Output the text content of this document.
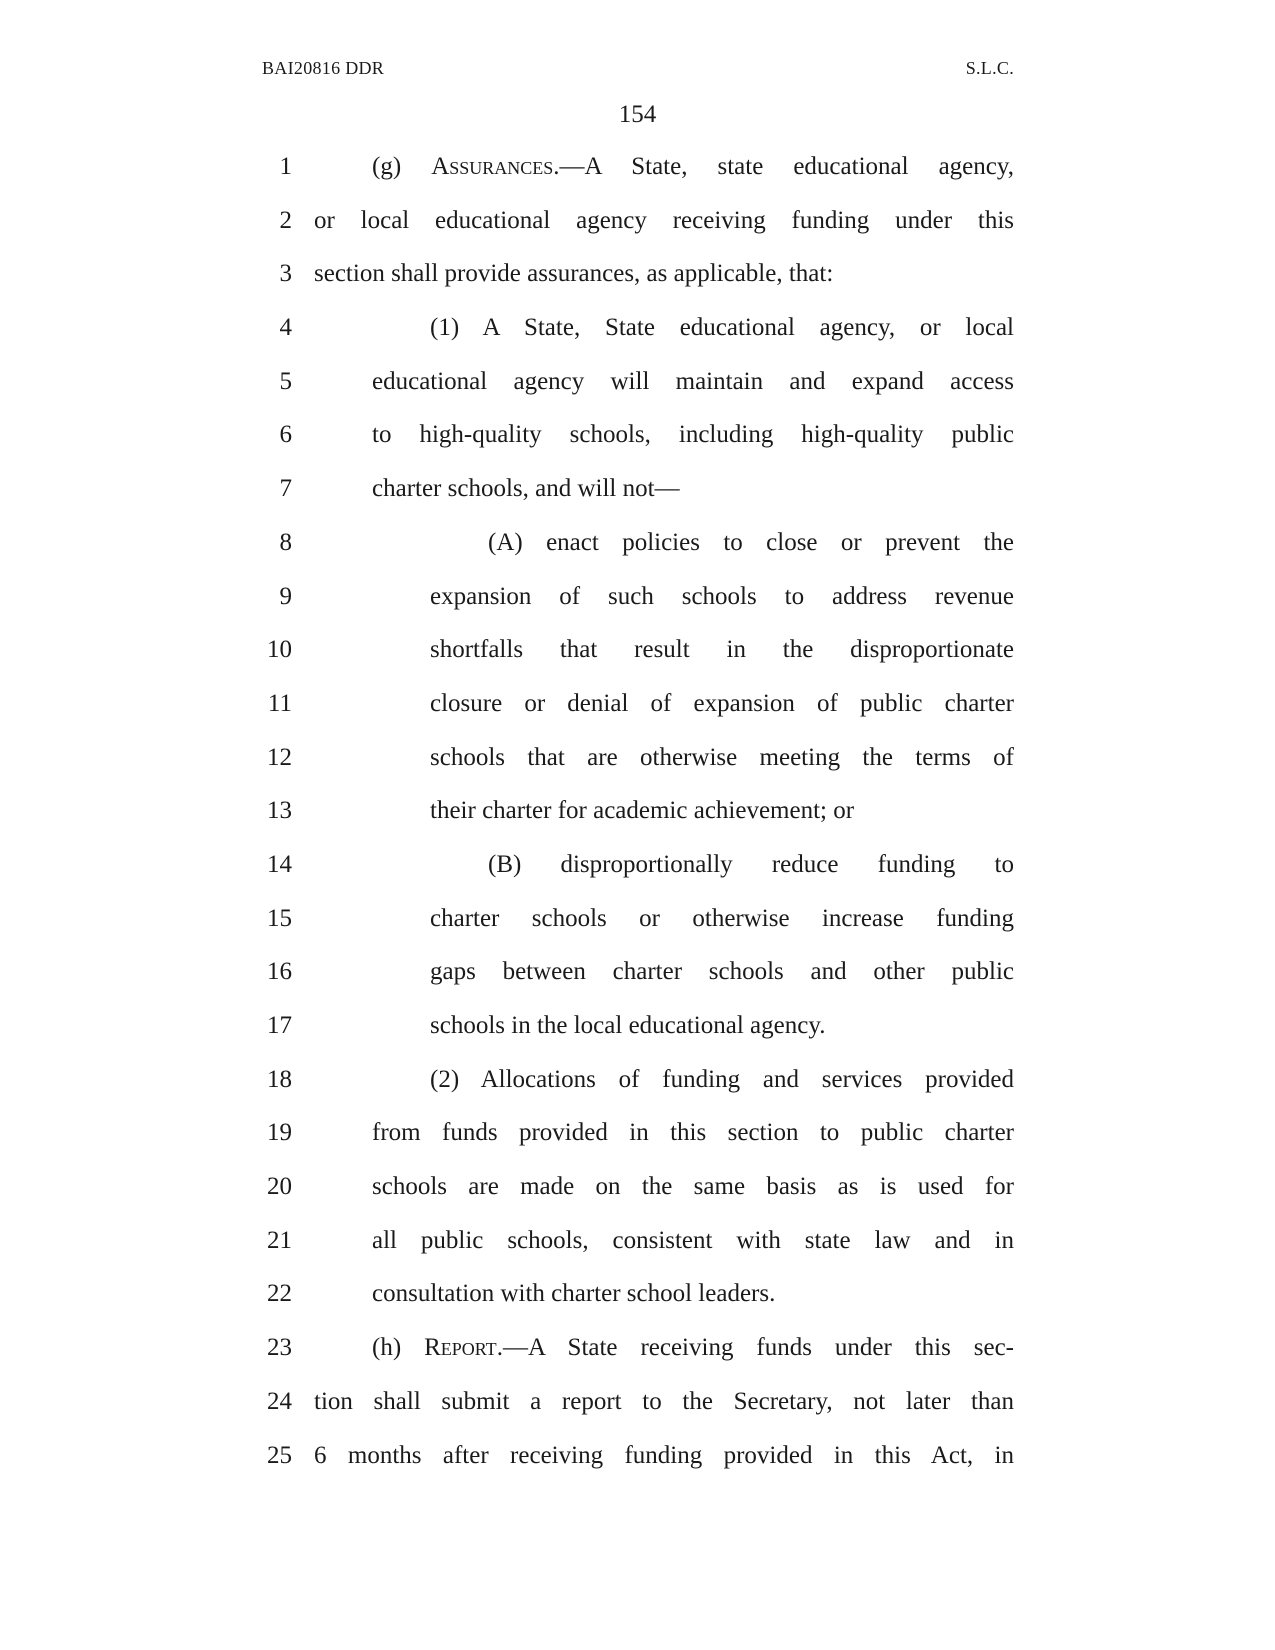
BAI20816 DDR	S.L.C.
154
1	(g) Assurances.—A State, state educational agency,
2 or local educational agency receiving funding under this
3 section shall provide assurances, as applicable, that:
4	(1) A State, State educational agency, or local
5	educational agency will maintain and expand access
6	to high-quality schools, including high-quality public
7	charter schools, and will not—
8	(A) enact policies to close or prevent the
9	expansion of such schools to address revenue
10	shortfalls that result in the disproportionate
11	closure or denial of expansion of public charter
12	schools that are otherwise meeting the terms of
13	their charter for academic achievement; or
14	(B) disproportionally reduce funding to
15	charter schools or otherwise increase funding
16	gaps between charter schools and other public
17	schools in the local educational agency.
18	(2) Allocations of funding and services provided
19	from funds provided in this section to public charter
20	schools are made on the same basis as is used for
21	all public schools, consistent with state law and in
22	consultation with charter school leaders.
23	(h) Report.—A State receiving funds under this sec-
24 tion shall submit a report to the Secretary, not later than
25 6 months after receiving funding provided in this Act, in
